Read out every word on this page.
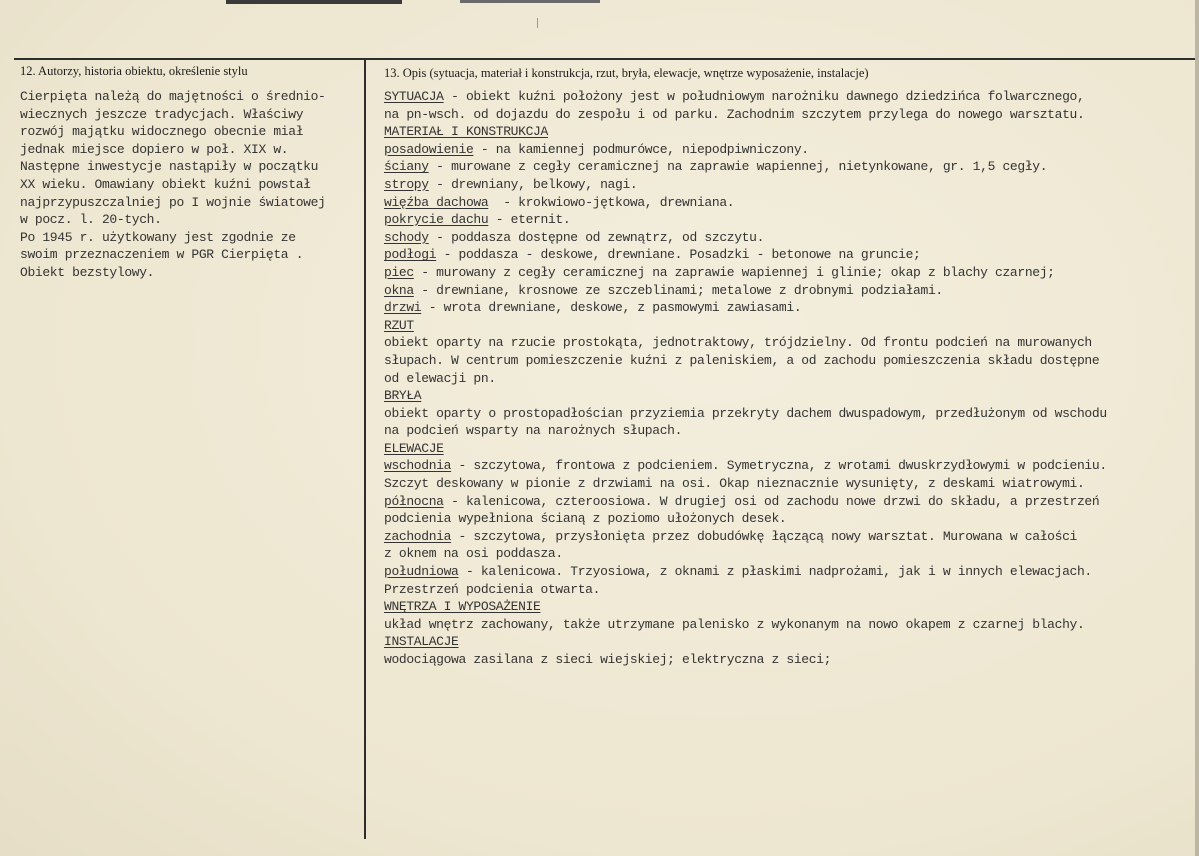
12. Autorzy, historia obiektu, określenie stylu	13. Opis (sytuacja, materiał i konstrukcja, rzut, bryła, elewacje, wnętrze wyposażenie, instalacje)
Cierpięta należą do majętności o średnio-
wiecznych jeszcze tradycjach. Właściwy
rozwój majątku widocznego obecnie miał
jednak miejsce dopiero w poł. XIX w.
Następne inwestycje nastąpiły w początku
XX wieku. Omawiany obiekt kuźni powstał
najprzypuszczalniej po I wojnie światowej
w pocz. l. 20-tych.
Po 1945 r. użytkowany jest zgodnie ze
swoim przeznaczeniem w PGR Cierpięta .
Obiekt bezstylowy.
SYTUACJA - obiekt kuźni położony jest w południowym narożniku dawnego dziedzińca folwarcznego,
na pn-wsch. od dojazdu do zespołu i od parku. Zachodnim szczytem przylega do nowego warsztatu.
MATERIAŁ I KONSTRUKCJA
posadowienie - na kamiennej podmurówce, niepodpiwniczony.
ściany - murowane z cegły ceramicznej na zaprawie wapiennej, nietynkowane, gr. 1,5 cegły.
stropy - drewniany, belkowy, nagi.
więźba dachowa  - krokwiowo-jętkowa, drewniana.
pokrycie dachu - eternit.
schody - poddasza dostępne od zewnątrz, od szczytu.
podłogi - poddasza - deskowe, drewniane. Posadzki - betonowe na gruncie;
piec - murowany z cegły ceramicznej na zaprawie wapiennej i glinie; okap z blachy czarnej;
okna - drewniane, krosnowe ze szczeblinami; metalowe z drobnymi podziałami.
drzwi - wrota drewniane, deskowe, z pasmowymi zawiasami.
RZUT
obiekt oparty na rzucie prostokąta, jednotraktowy, trójdzielny. Od frontu podcień na murowanych
słupach. W centrum pomieszczenie kuźni z paleniskiem, a od zachodu pomieszczenia składu dostępne
od elewacji pn.
BRYŁA
obiekt oparty o prostopadłościan przyziemia przekryty dachem dwuspadowym, przedłużonym od wschodu
na podcień wsparty na narożnych słupach.
ELEWACJE
wschodnia - szczytowa, frontowa z podcieniem. Symetryczna, z wrotami dwuskrzydłowymi w podcieniu.
Szczyt deskowany w pionie z drzwiami na osi. Okap nieznacznie wysunięty, z deskami wiatrowymi.
północna - kalenicowa, czteroosiowa. W drugiej osi od zachodu nowe drzwi do składu, a przestrzeń
podcienia wypełniona ścianą z poziomo ułożonych desek.
zachodnia - szczytowa, przysłonięta przez dobudówkę łączącą nowy warsztat. Murowana w całości
z oknem na osi poddasza.
południowa - kalenicowa. Trzyosiowa, z oknami z płaskimi nadprożami, jak i w innych elewacjach.
Przestrzeń podcienia otwarta.
WNĘTRZA I WYPOSAŻENIE
układ wnętrz zachowany, także utrzymane palenisko z wykonanym na nowo okapem z czarnej blachy.
INSTALACJE
wodociągowa zasilana z sieci wiejskiej; elektryczna z sieci;
